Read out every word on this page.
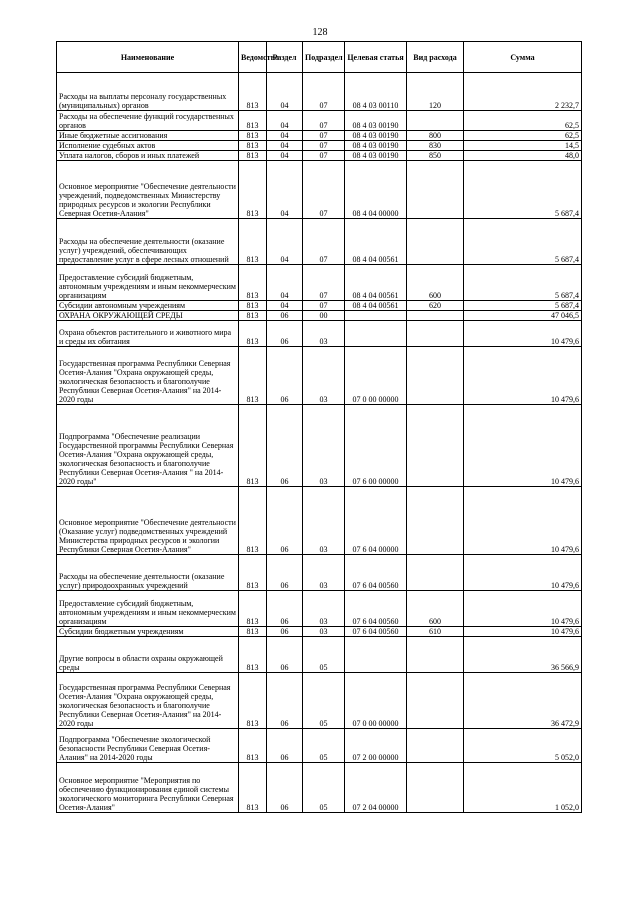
128
Наименование	Ведомство	Раздел	Подраздел	Целевая статья	Вид расхода	Сумма
Расходы на выплаты персоналу государственных (муниципальных) органов	813	04	07	08 4 03 00110	120	2 232,7
Расходы на обеспечение функций государственных органов	813	04	07	08 4 03 00190		62,5
Иные бюджетные ассигнования	813	04	07	08 4 03 00190	800	62,5
Исполнение судебных актов	813	04	07	08 4 03 00190	830	14,5
Уплата налогов, сборов и иных платежей	813	04	07	08 4 03 00190	850	48,0
Основное мероприятие "Обеспечение деятельности учреждений, подведомственных Министерству природных ресурсов и экологии Республики Северная Осетия-Алания"	813	04	07	08 4 04 00000		5 687,4
Расходы на обеспечение деятельности (оказание услуг) учреждений, обеспечивающих предоставление услуг в сфере лесных отношений	813	04	07	08 4 04 00561		5 687,4
Предоставление субсидий бюджетным, автономным учреждениям и иным некоммерческим организациям	813	04	07	08 4 04 00561	600	5 687,4
Субсидии автономным учреждениям	813	04	07	08 4 04 00561	620	5 687,4
ОХРАНА ОКРУЖАЮЩЕЙ СРЕДЫ	813	06	00			47 046,5
Охрана объектов растительного и животного мира и среды их обитания	813	06	03			10 479,6
Государственная программа Республики Северная Осетия-Алания "Охрана окружающей среды, экологическая безопасность и благополучие Республики Северная Осетия-Алания" на 2014-2020 годы	813	06	03	07 0 00 00000		10 479,6
Подпрограмма "Обеспечение реализации Государственной программы Республики Северная Осетия-Алания "Охрана окружающей среды, экологическая безопасность и благополучие Республики Северная Осетия-Алания " на 2014-2020 годы"	813	06	03	07 6 00 00000		10 479,6
Основное мероприятие "Обеспечение деятельности (Оказание услуг) подведомственных учреждений Министерства природных ресурсов и экологии Республики Северная Осетия-Алания"	813	06	03	07 6 04 00000		10 479,6
Расходы на обеспечение деятельности (оказание услуг) природоохранных учреждений	813	06	03	07 6 04 00560		10 479,6
Предоставление субсидий бюджетным, автономным учреждениям и иным некоммерческим организациям	813	06	03	07 6 04 00560	600	10 479,6
Субсидии бюджетным учреждениям	813	06	03	07 6 04 00560	610	10 479,6
Другие вопросы в области охраны окружающей среды	813	06	05			36 566,9
Государственная программа Республики Северная Осетия-Алания "Охрана окружающей среды, экологическая безопасность и благополучие Республики Северная Осетия-Алания" на 2014-2020 годы	813	06	05	07 0 00 00000		36 472,9
Подпрограмма "Обеспечение экологической безопасности Республики Северная Осетия-Алания" на 2014-2020 годы	813	06	05	07 2 00 00000		5 052,0
Основное мероприятие "Мероприятия по обеспечению функционирования единой системы экологического мониторинга Республики Северная Осетия-Алания"	813	06	05	07 2 04 00000		1 052,0
